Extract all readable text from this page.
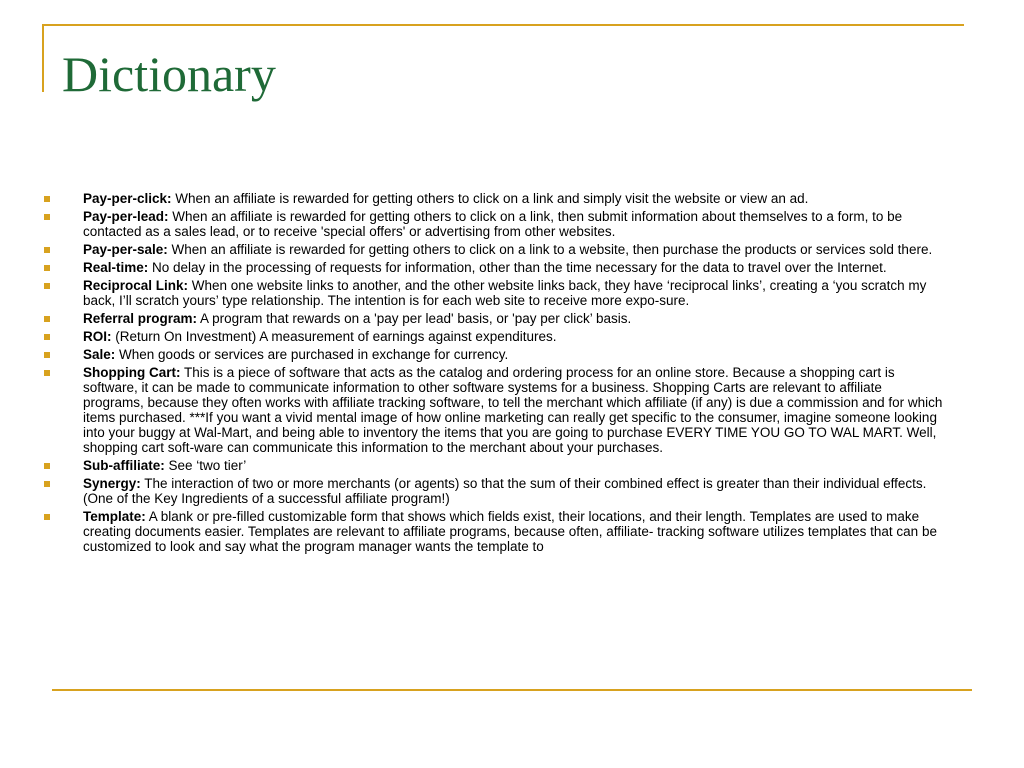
Dictionary
Pay-per-click: When an affiliate is rewarded for getting others to click on a link and simply visit the website or view an ad.
Pay-per-lead: When an affiliate is rewarded for getting others to click on a link, then submit information about themselves to a form, to be contacted as a sales lead, or to receive 'special offers' or advertising from other websites.
Pay-per-sale: When an affiliate is rewarded for getting others to click on a link to a website, then purchase the products or services sold there.
Real-time: No delay in the processing of requests for information, other than the time necessary for the data to travel over the Internet.
Reciprocal Link: When one website links to another, and the other website links back, they have ‘reciprocal links’, creating a ‘you scratch my back, I’ll scratch yours’ type relationship. The intention is for each web site to receive more expo-sure.
Referral program: A program that rewards on a 'pay per lead' basis, or 'pay per click’ basis.
ROI: (Return On Investment) A measurement of earnings against expenditures.
Sale: When goods or services are purchased in exchange for currency.
Shopping Cart: This is a piece of software that acts as the catalog and ordering process for an online store. Because a shopping cart is software, it can be made to communicate information to other software systems for a business. Shopping Carts are relevant to affiliate programs, because they often works with affiliate tracking software, to tell the merchant which affiliate (if any) is due a commission and for which items purchased. ***If you want a vivid mental image of how online marketing can really get specific to the consumer, imagine someone looking into your buggy at Wal-Mart, and being able to inventory the items that you are going to purchase EVERY TIME YOU GO TO WAL MART. Well, shopping cart soft-ware can communicate this information to the merchant about your purchases.
Sub-affiliate: See ‘two tier’
Synergy: The interaction of two or more merchants (or agents) so that the sum of their combined effect is greater than their individual effects. (One of the Key Ingredients of a successful affiliate program!)
Template: A blank or pre-filled customizable form that shows which fields exist, their locations, and their length. Templates are used to make creating documents easier. Templates are relevant to affiliate programs, because often, affiliate- tracking software utilizes templates that can be customized to look and say what the program manager wants the template to
